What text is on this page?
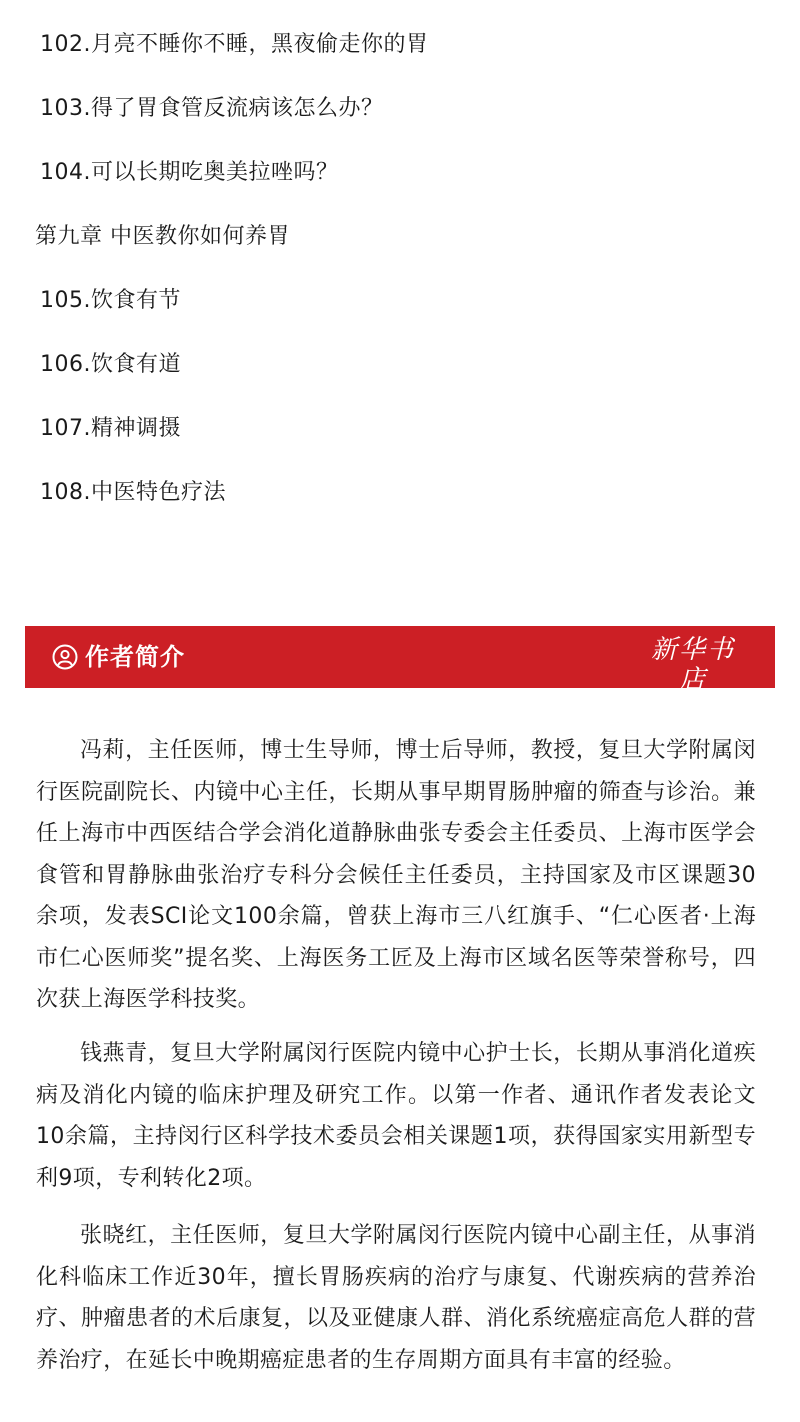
102.月亮不睡你不睡，黑夜偷走你的胃
103.得了胃食管反流病该怎么办？
104.可以长期吃奥美拉唑吗？
第九章 中医教你如何养胃
105.饮食有节
106.饮食有道
107.精神调摄
108.中医特色疗法
作者简介	新华书店
XINHUA BOOKSTORE

冯莉，主任医师，博士生导师，博士后导师，教授，复旦大学附属闵行医院副院长、内镜中心主任，长期从事早期胃肠肿瘤的筛查与诊治。兼任上海市中西医结合学会消化道静脉曲张专委会主任委员、上海市医学会食管和胃静脉曲张治疗专科分会候任主任委员，主持国家及市区课题30余项，发表SCI论文100余篇，曾获上海市三八红旗手、“仁心医者·上海市仁心医师奖”提名奖、上海医务工匠及上海市区域名医等荣誉称号，四次获上海医学科技奖。

钱燕青，复旦大学附属闵行医院内镜中心护士长，长期从事消化道疾病及消化内镜的临床护理及研究工作。以第一作者、通讯作者发表论文10余篇，主持闵行区科学技术委员会相关课题1项，获得国家实用新型专利9项，专利转化2项。

张晓红，主任医师，复旦大学附属闵行医院内镜中心副主任，从事消化科临床工作近30年，擅长胃肠疾病的治疗与康复、代谢疾病的营养治疗、肿瘤患者的术后康复，以及亚健康人群、消化系统癌症高危人群的营养治疗，在延长中晚期癌症患者的生存周期方面具有丰富的经验。
